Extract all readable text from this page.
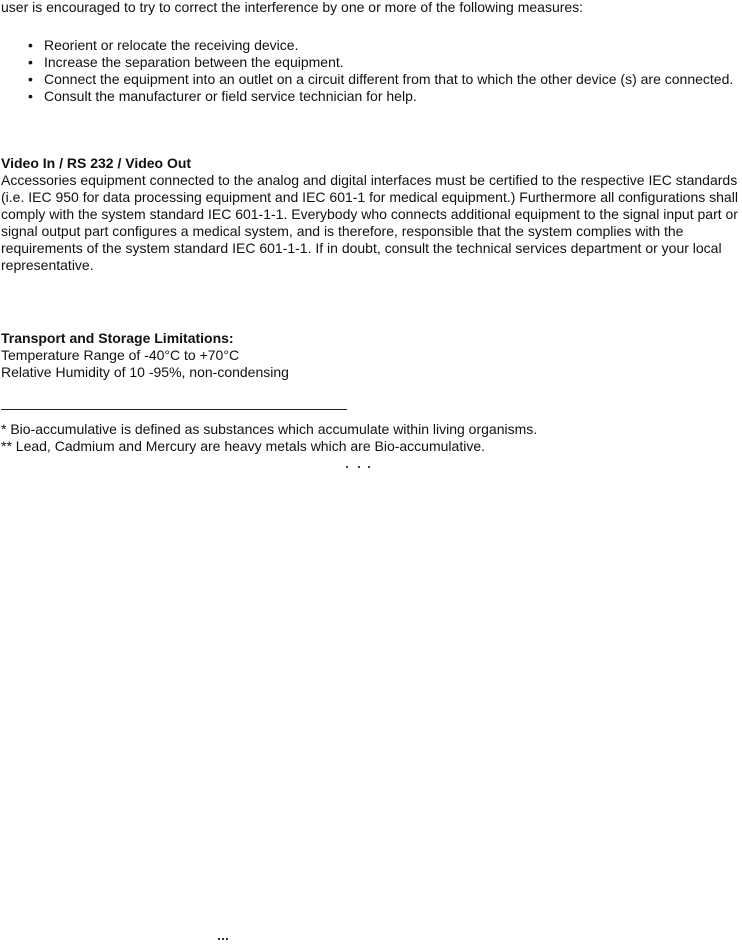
user is encouraged to try to correct the interference by one or more of the following measures:

• Reorient or relocate the receiving device.
• Increase the separation between the equipment.
• Connect the equipment into an outlet on a circuit different from that to which the other device (s) are connected.
• Consult the manufacturer or field service technician for help.

Video In / RS 232 / Video Out

Accessories equipment connected to the analog and digital interfaces must be certified to the respective IEC standards (i.e. IEC 950 for data processing equipment and IEC 601-1 for medical equipment.) Furthermore all configurations shall comply with the system standard IEC 601-1-1. Everybody who connects additional equipment to the signal input part or signal output part configures a medical system, and is therefore, responsible that the system complies with the requirements of the system standard IEC 601-1-1. If in doubt, consult the technical services department or your local representative.

Transport and Storage Limitations:

Temperature Range of -40°C to +70°C

Relative Humidity of 10 -95%, non-condensing

* Bio-accumulative is defined as substances which accumulate within living organisms.

** Lead, Cadmium and Mercury are heavy metals which are Bio-accumulative.
